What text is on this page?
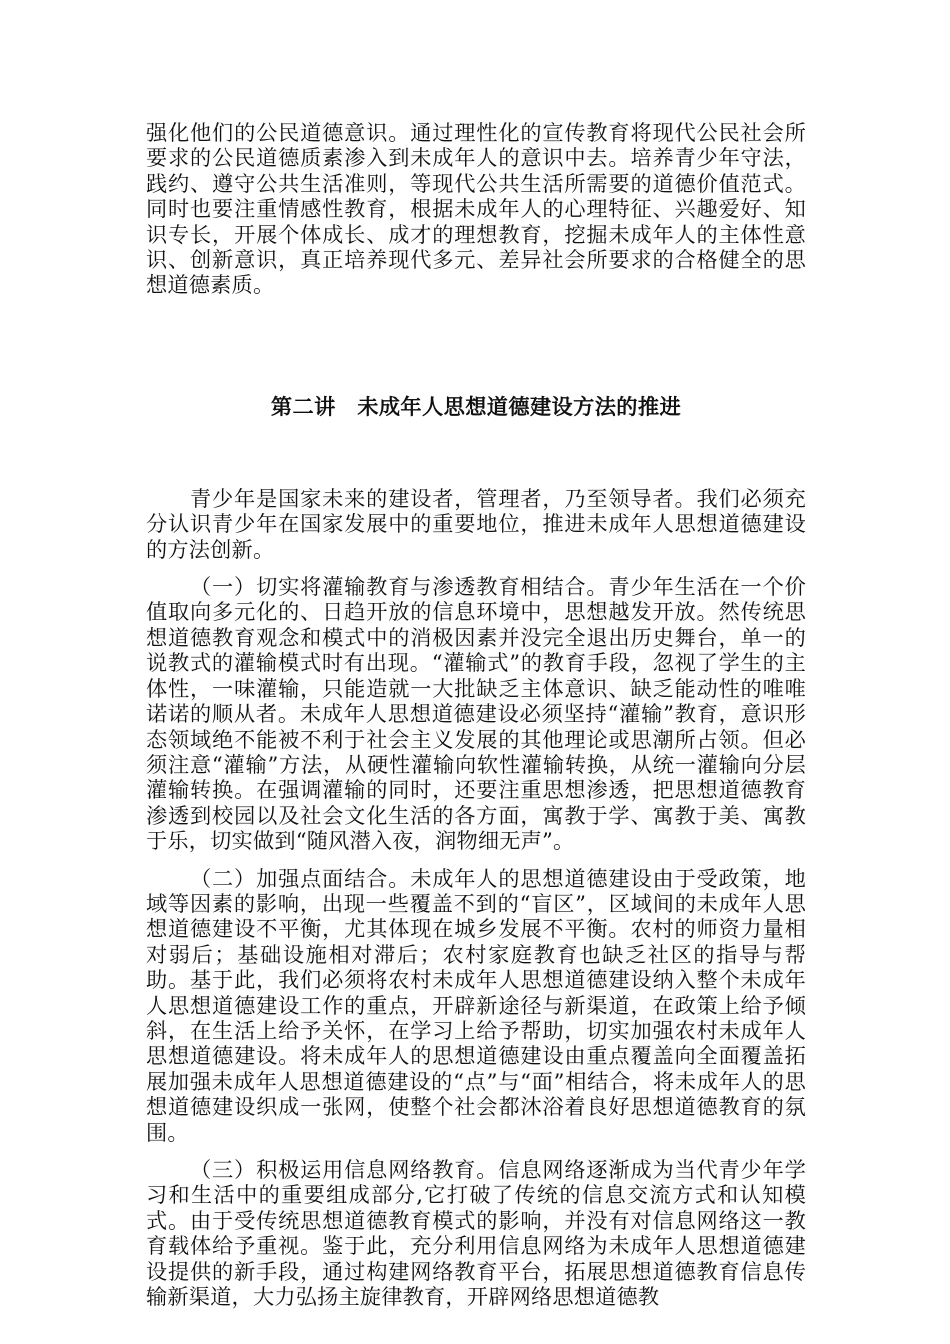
强化他们的公民道德意识。通过理性化的宣传教育将现代公民社会所要求的公民道德质素渗入到未成年人的意识中去。培养青少年守法，践约、遵守公共生活准则，等现代公共生活所需要的道德价值范式。同时也要注重情感性教育，根据未成年人的心理特征、兴趣爱好、知识专长，开展个体成长、成才的理想教育，挖掘未成年人的主体性意识、创新意识，真正培养现代多元、差异社会所要求的合格健全的思想道德素质。

第二讲　未成年人思想道德建设方法的推进

青少年是国家未来的建设者，管理者，乃至领导者。我们必须充分认识青少年在国家发展中的重要地位，推进未成年人思想道德建设的方法创新。

（一）切实将灌输教育与渗透教育相结合。青少年生活在一个价值取向多元化的、日趋开放的信息环境中，思想越发开放。然传统思想道德教育观念和模式中的消极因素并没完全退出历史舞台，单一的说教式的灌输模式时有出现。“灌输式”的教育手段，忽视了学生的主体性，一味灌输，只能造就一大批缺乏主体意识、缺乏能动性的唯唯诺诺的顺从者。未成年人思想道德建设必须坚持“灌输”教育，意识形态领域绝不能被不利于社会主义发展的其他理论或思潮所占领。但必须注意“灌输”方法，从硬性灌输向软性灌输转换，从统一灌输向分层灌输转换。在强调灌输的同时，还要注重思想渗透，把思想道德教育渗透到校园以及社会文化生活的各方面，寓教于学、寓教于美、寓教于乐，切实做到“随风潜入夜，润物细无声”。

（二）加强点面结合。未成年人的思想道德建设由于受政策，地域等因素的影响，出现一些覆盖不到的“盲区”，区域间的未成年人思想道德建设不平衡，尤其体现在城乡发展不平衡。农村的师资力量相对弱后；基础设施相对滞后；农村家庭教育也缺乏社区的指导与帮助。基于此，我们必须将农村未成年人思想道德建设纳入整个未成年人思想道德建设工作的重点，开辟新途径与新渠道，在政策上给予倾斜，在生活上给予关怀，在学习上给予帮助，切实加强农村未成年人思想道德建设。将未成年人的思想道德建设由重点覆盖向全面覆盖拓展加强未成年人思想道德建设的“点”与“面”相结合，将未成年人的思想道德建设织成一张网，使整个社会都沐浴着良好思想道德教育的氛围。

（三）积极运用信息网络教育。信息网络逐渐成为当代青少年学习和生活中的重要组成部分,它打破了传统的信息交流方式和认知模式。由于受传统思想道德教育模式的影响，并没有对信息网络这一教育载体给予重视。鉴于此，充分利用信息网络为未成年人思想道德建设提供的新手段，通过构建网络教育平台，拓展思想道德教育信息传输新渠道，大力弘扬主旋律教育，开辟网络思想道德教
